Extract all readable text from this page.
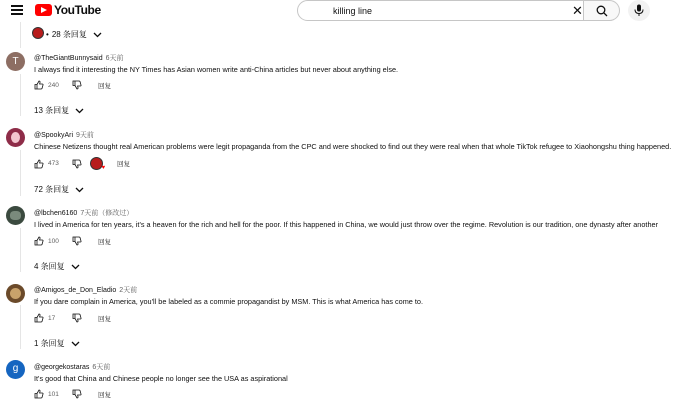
YouTube
killing line	✕
• 28 条回复
T	@TheGiantBunnysaid 6天前
I always find it interesting the NY Times has Asian women write anti-China articles but never about anything else.
240	回复
13 条回复
@SpookyAri 9天前
Chinese Netizens thought real American problems were legit propaganda from the CPC and were shocked to find out they were real when that whole TikTok refugee to Xiaohongshu thing happened.
473
♥ 回复
72 条回复
@lbchen6160 7天前（修改过）
I lived in America for ten years, it's a heaven for the rich and hell for the poor. If this happened in China, we would just throw over the regime. Revolution is our tradition, one dynasty after another
100	回复
4 条回复
@Amigos_de_Don_Eladio 2天前
If you dare complain in America, you'll be labeled as a commie propagandist by MSM. This is what America has come to.
17	回复
1 条回复
g	@georgekostaras 6天前
It's good that China and Chinese people no longer see the USA as aspirational
101	回复
